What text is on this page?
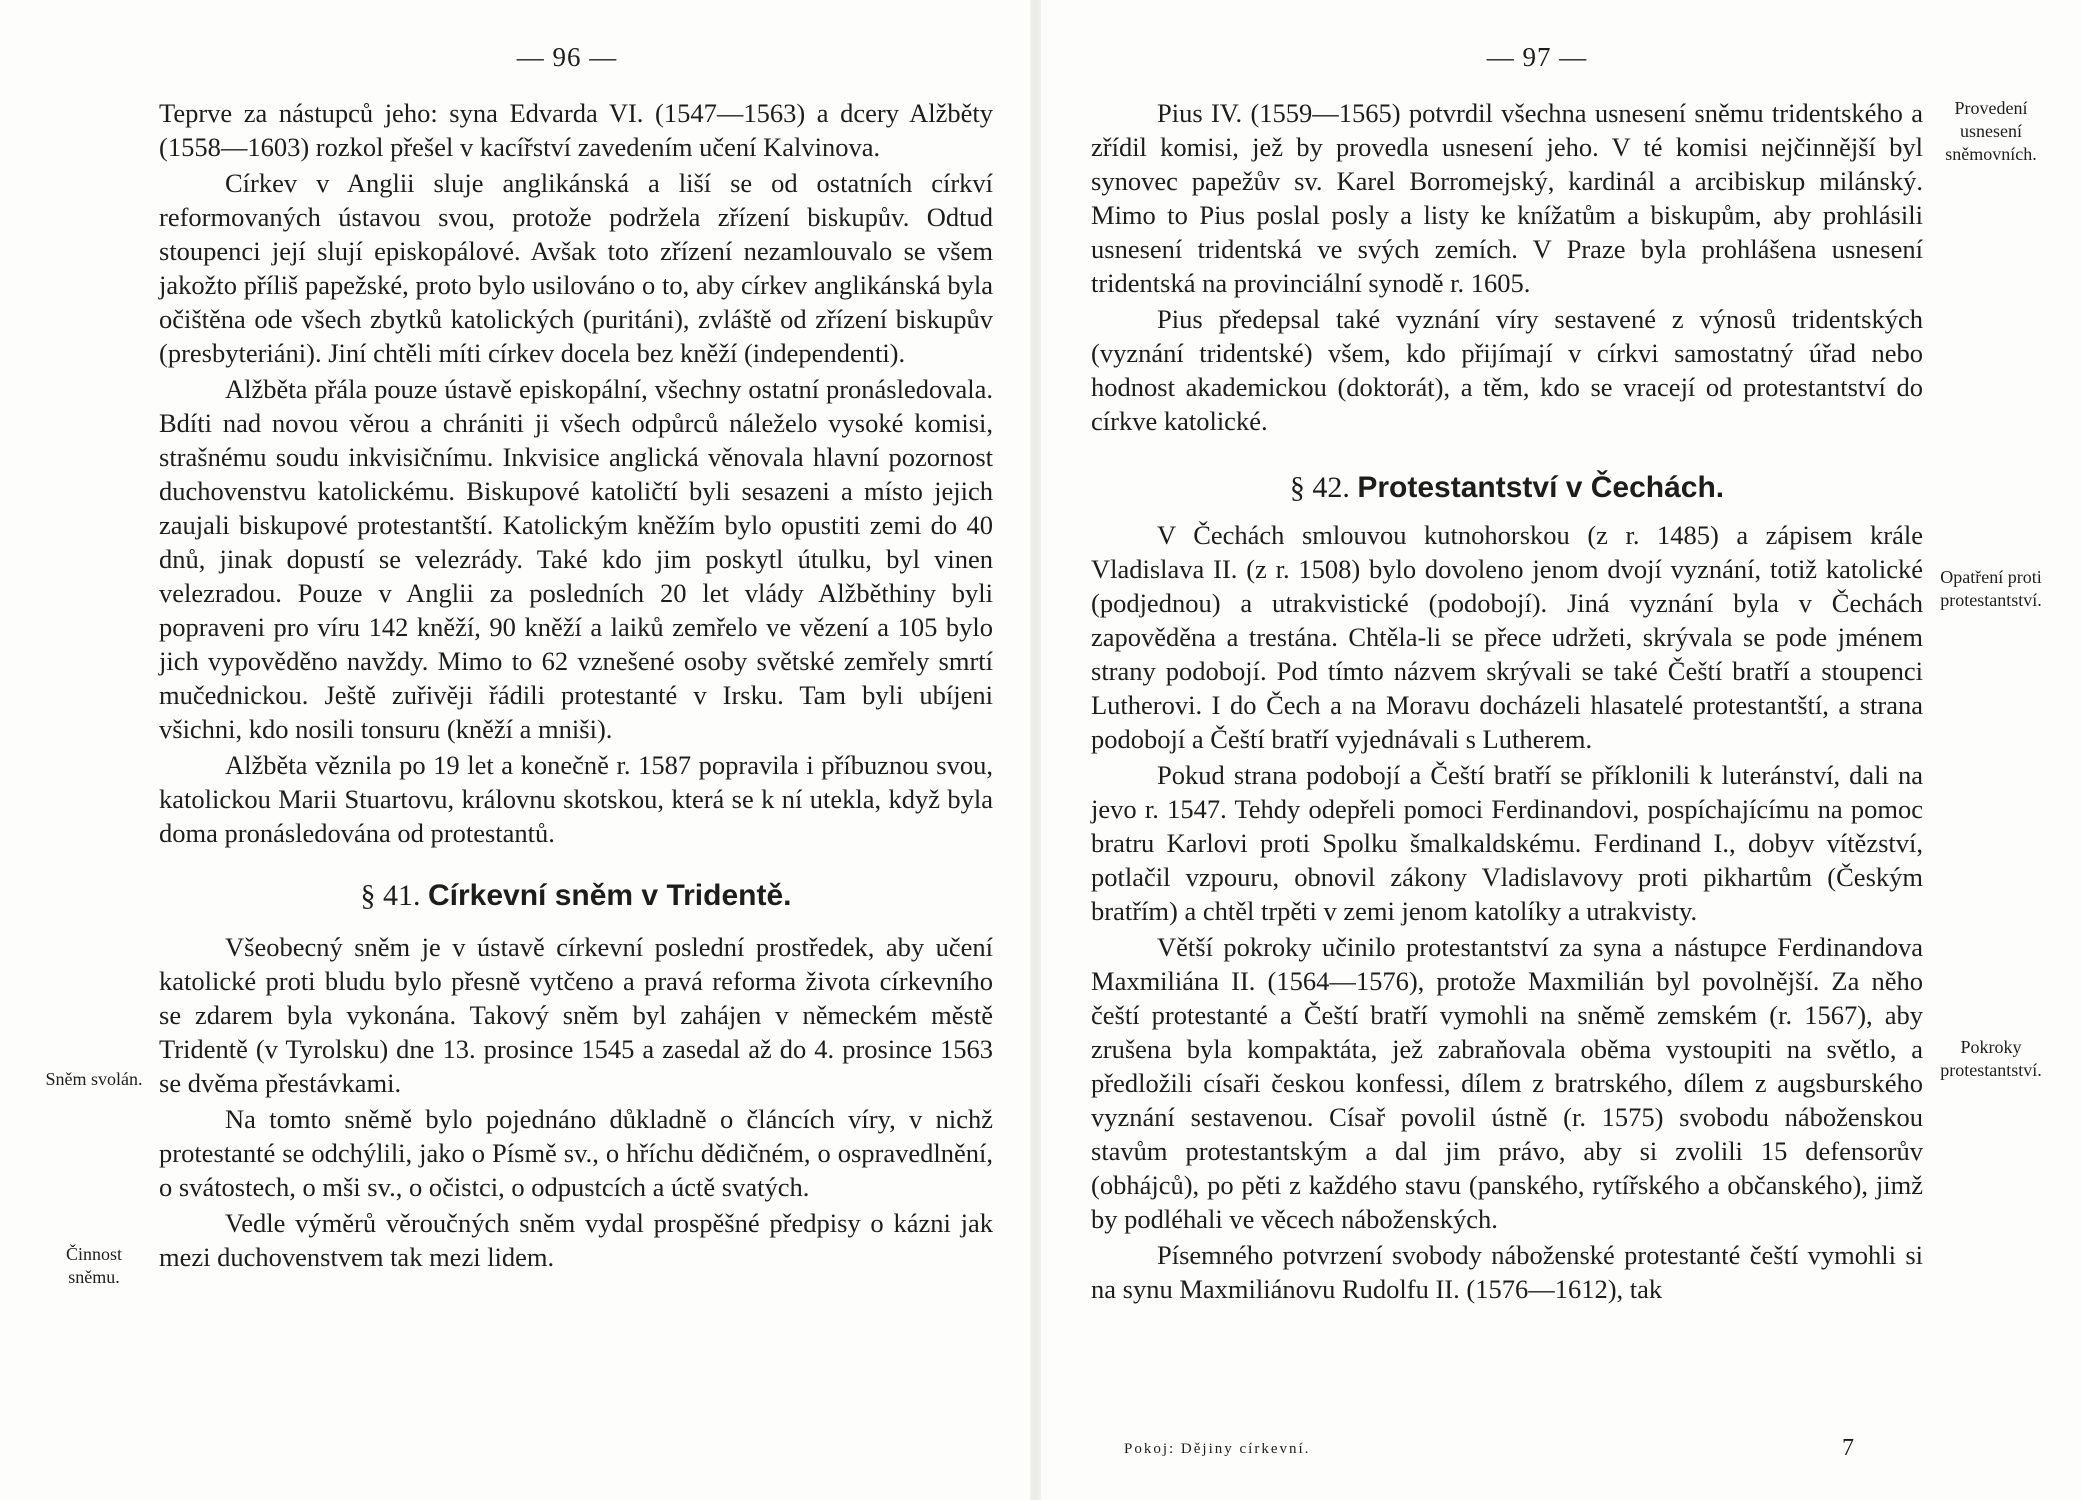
— 96 —

Teprve za nástupců jeho: syna Edvarda VI. (1547—1563) a dcery Alžběty (1558—1603) rozkol přešel v kacířství zavedením učení Kalvinova.

Církev v Anglii sluje anglikánská a liší se od ostatních církví reformovaných ústavou svou, protože podržela zřízení biskupův. Odtud stoupenci její slují episkopálové. Avšak toto zřízení nezamlouvalo se všem jakožto příliš papežské, proto bylo usilováno o to, aby církev anglikánská byla očištěna ode všech zbytků katolických (puritáni), zvláště od zřízení biskupův (presbyteriáni). Jiní chtěli míti církev docela bez kněží (independenti).

Alžběta přála pouze ústavě episkopální, všechny ostatní pronásledovala. Bdíti nad novou věrou a chrániti ji všech odpůrců náleželo vysoké komisi, strašnému soudu inkvisičnímu. Inkvisice anglická věnovala hlavní pozornost duchovenstvu katolickému. Biskupové katoličtí byli sesazeni a místo jejich zaujali biskupové protestantští. Katolickým kněžím bylo opustiti zemi do 40 dnů, jinak dopustí se velezrády. Také kdo jim poskytl útulku, byl vinen velezradou. Pouze v Anglii za posledních 20 let vlády Alžběthiny byli popraveni pro víru 142 kněží, 90 kněží a laiků zemřelo ve vězení a 105 bylo jich vypověděno navždy. Mimo to 62 vznešené osoby světské zemřely smrtí mučednickou. Ještě zuřivěji řádili protestanté v Irsku. Tam byli ubíjeni všichni, kdo nosili tonsuru (kněží a mniši).

Alžběta věznila po 19 let a konečně r. 1587 popravila i příbuznou svou, katolickou Marii Stuartovu, královnu skotskou, která se k ní utekla, když byla doma pronásledována od protestantů.

§ 41. Církevní sněm v Tridentě.

Všeobecný sněm je v ústavě církevní poslední prostředek, aby učení katolické proti bludu bylo přesně vytčeno a pravá reforma života církevního se zdarem byla vykonána. Takový sněm byl zahájen v německém městě Tridentě (v Tyrolsku) dne 13. prosince 1545 a zasedal až do 4. prosince 1563 se dvěma přestávkami.

Na tomto sněmě bylo pojednáno důkladně o článcích víry, v nichž protestanté se odchýlili, jako o Písmě sv., o hříchu dědičném, o ospravedlnění, o svátostech, o mši sv., o očistci, o odpustcích a úctě svatých.

Vedle výměrů věroučných sněm vydal prospěšné předpisy o kázni jak mezi duchovenstvem tak mezi lidem.

Sněm svolán.
Činnost sněmu.
— 97 —

Pius IV. (1559—1565) potvrdil všechna usnesení sněmu tridentského a zřídil komisi, jež by provedla usnesení jeho. V té komisi nejčinnější byl synovec papežův sv. Karel Borromejský, kardinál a arcibiskup milánský. Mimo to Pius poslal posly a listy ke knížatům a biskupům, aby prohlásili usnesení tridentská ve svých zemích. V Praze byla prohlášena usnesení tridentská na provinciální synodě r. 1605.

Pius předepsal také vyznání víry sestavené z výnosů tridentských (vyznání tridentské) všem, kdo přijímají v církvi samostatný úřad nebo hodnost akademickou (doktorát), a těm, kdo se vracejí od protestantství do církve katolické.

§ 42. Protestantství v Čechách.

V Čechách smlouvou kutnohorskou (z r. 1485) a zápisem krále Vladislava II. (z r. 1508) bylo dovoleno jenom dvojí vyznání, totiž katolické (podjednou) a utrakvistické (podobojí). Jiná vyznání byla v Čechách zapověděna a trestána. Chtěla-li se přece udržeti, skrývala se pode jménem strany podobojí. Pod tímto názvem skrývali se také Čeští bratří a stoupenci Lutherovi. I do Čech a na Moravu docházeli hlasatelé protestantští, a strana podobojí a Čeští bratří vyjednávali s Lutherem.

Pokud strana podobojí a Čeští bratří se příklonili k luteránství, dali na jevo r. 1547. Tehdy odepřeli pomoci Ferdinandovi, pospíchajícímu na pomoc bratru Karlovi proti Spolku šmalkaldskému. Ferdinand I., dobyv vítězství, potlačil vzpouru, obnovil zákony Vladislavovy proti pikhartům (Českým bratřím) a chtěl trpěti v zemi jenom katolíky a utrakvisty.

Větší pokroky učinilo protestantství za syna a nástupce Ferdinandova Maxmiliána II. (1564—1576), protože Maxmilián byl povolnější. Za něho čeští protestanté a Čeští bratří vymohli na sněmě zemském (r. 1567), aby zrušena byla kompaktáta, jež zabraňovala oběma vystoupiti na světlo, a předložili císaři českou konfessi, dílem z bratrského, dílem z augsburského vyznání sestavenou. Císař povolil ústně (r. 1575) svobodu náboženskou stavům protestantským a dal jim právo, aby si zvolili 15 defensorův (obhájců), po pěti z každého stavu (panského, rytířského a občanského), jimž by podléhali ve věcech náboženských.

Písemného potvrzení svobody náboženské protestanté čeští vymohli si na synu Maxmiliánovu Rudolfu II. (1576—1612), tak

Provedení usnesení sněmovních.
Opatření proti protestantství.
Pokroky protestantství.
Pokoj: Dějiny církevní.	7
